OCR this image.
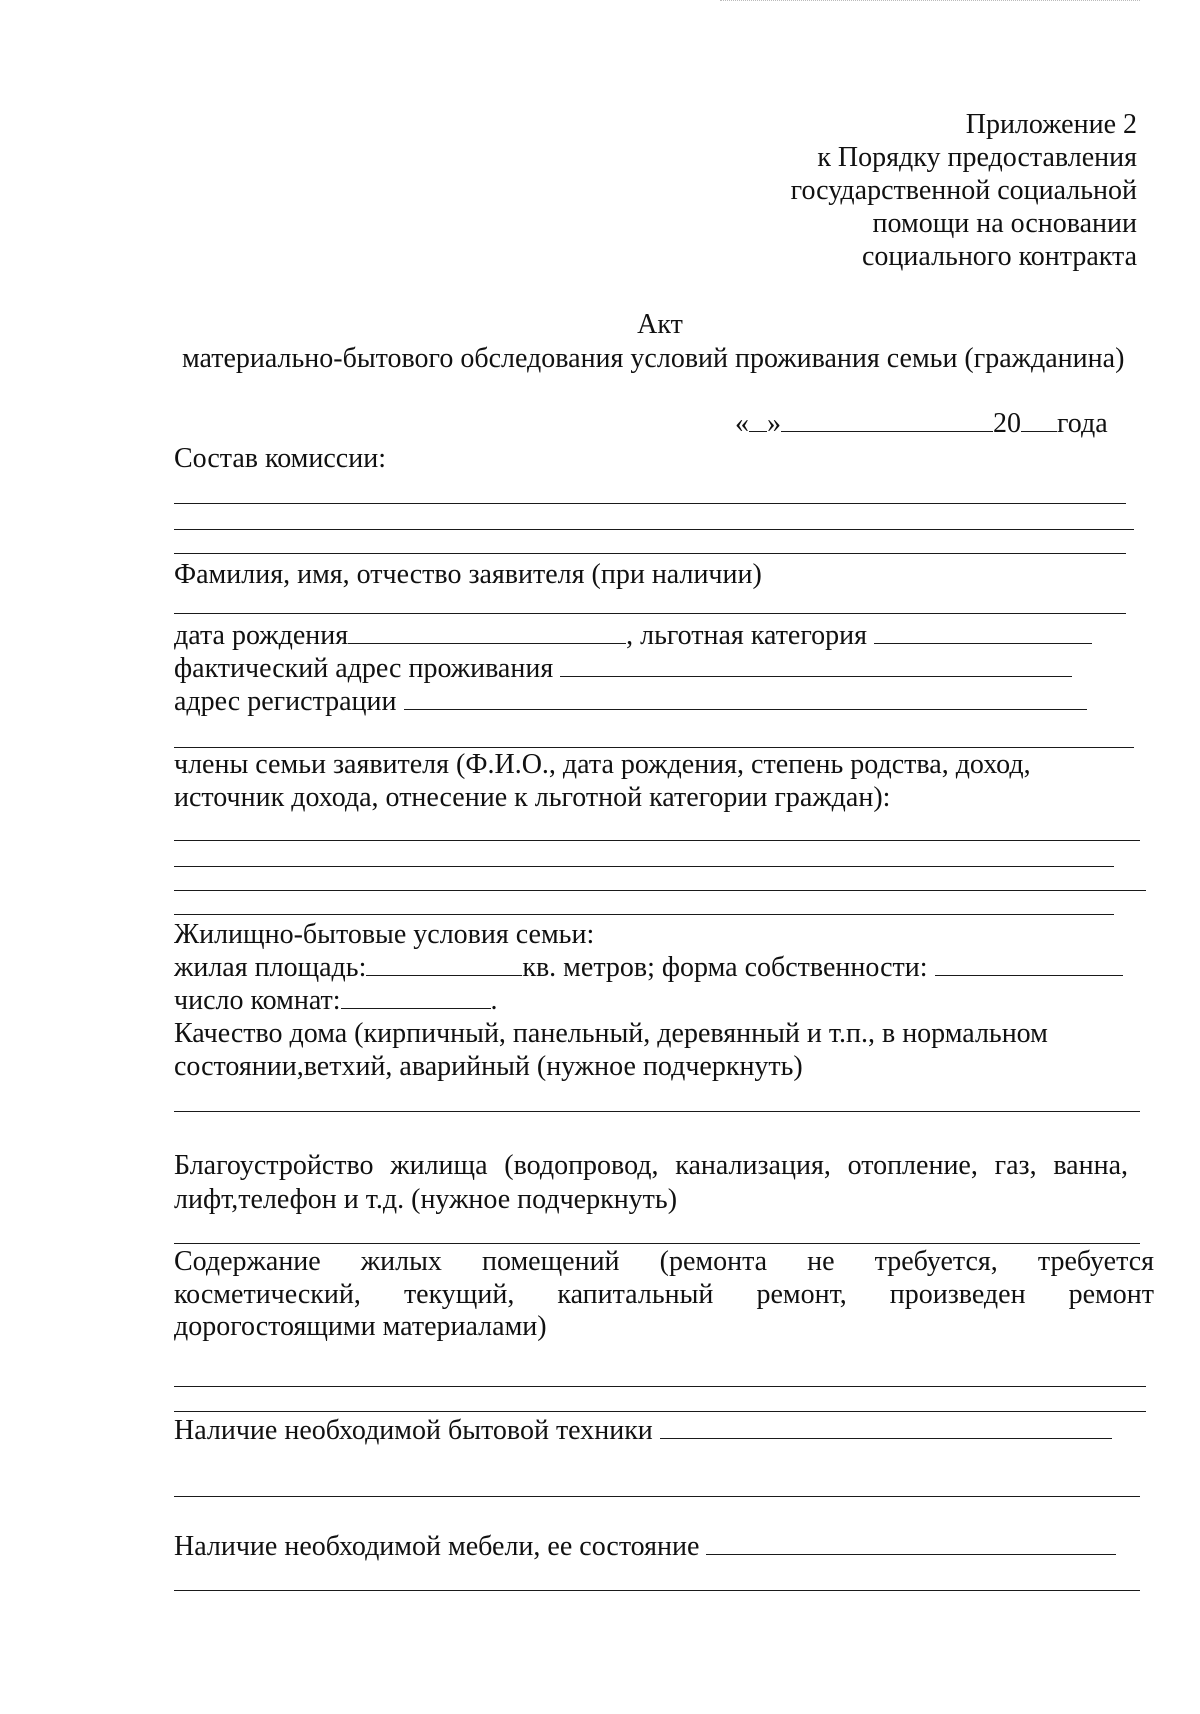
Приложение 2
к Порядку предоставления
государственной социальной
помощи на основании
социального контракта
Акт
материально-бытового обследования условий проживания семьи (гражданина)
« »	20 года
Состав комиссии:
Фамилия, имя, отчество заявителя (при наличии)
дата рождения	, льготная категория
фактический адрес проживания
адрес регистрации
члены семьи заявителя (Ф.И.О., дата рождения, степень родства, доход,
источник дохода, отнесение к льготной категории граждан):
Жилищно-бытовые условия семьи:
жилая площадь:	кв. метров; форма собственности:
число комнат:	.
Качество дома (кирпичный, панельный, деревянный и т.п., в нормальном
состоянии,ветхий, аварийный (нужное подчеркнуть)
Благоустройство жилища (водопровод, канализация, отопление, газ, ванна,
лифт,телефон и т.д. (нужное подчеркнуть)
Содержание жилых помещений (ремонта не требуется, требуется
косметический, текущий, капитальный ремонт, произведен ремонт
дорогостоящими материалами)
Наличие необходимой бытовой техники
Наличие необходимой мебели, ее состояние
